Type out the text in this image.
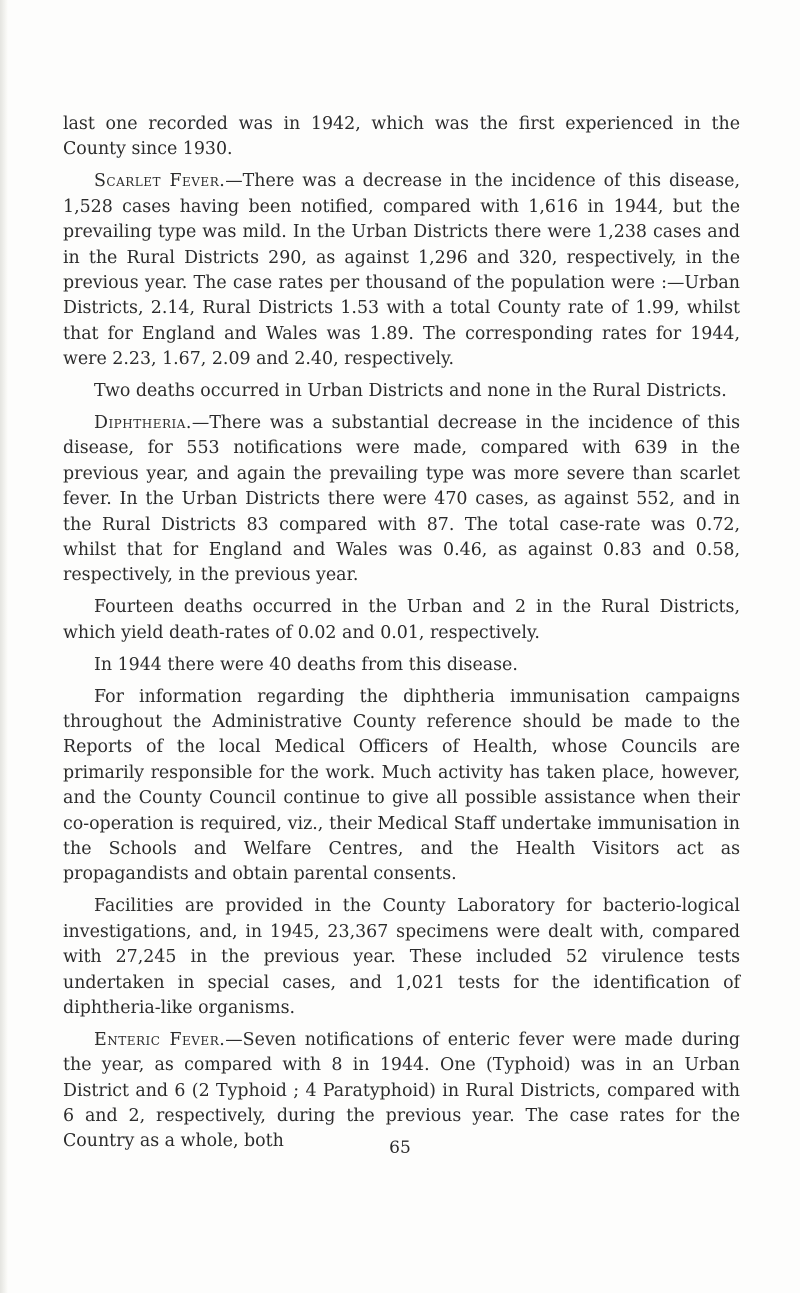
last one recorded was in 1942, which was the first experienced in the County since 1930.

Scarlet Fever.—There was a decrease in the incidence of this disease, 1,528 cases having been notified, compared with 1,616 in 1944, but the prevailing type was mild. In the Urban Districts there were 1,238 cases and in the Rural Districts 290, as against 1,296 and 320, respectively, in the previous year. The case rates per thousand of the population were :—Urban Districts, 2.14, Rural Districts 1.53 with a total County rate of 1.99, whilst that for England and Wales was 1.89. The corresponding rates for 1944, were 2.23, 1.67, 2.09 and 2.40, respectively.

Two deaths occurred in Urban Districts and none in the Rural Districts.

Diphtheria.—There was a substantial decrease in the incidence of this disease, for 553 notifications were made, compared with 639 in the previous year, and again the prevailing type was more severe than scarlet fever. In the Urban Districts there were 470 cases, as against 552, and in the Rural Districts 83 compared with 87. The total case-rate was 0.72, whilst that for England and Wales was 0.46, as against 0.83 and 0.58, respectively, in the previous year.

Fourteen deaths occurred in the Urban and 2 in the Rural Districts, which yield death-rates of 0.02 and 0.01, respectively.

In 1944 there were 40 deaths from this disease.

For information regarding the diphtheria immunisation campaigns throughout the Administrative County reference should be made to the Reports of the local Medical Officers of Health, whose Councils are primarily responsible for the work. Much activity has taken place, however, and the County Council continue to give all possible assistance when their co-operation is required, viz., their Medical Staff undertake immunisation in the Schools and Welfare Centres, and the Health Visitors act as propagandists and obtain parental consents.

Facilities are provided in the County Laboratory for bacterio-logical investigations, and, in 1945, 23,367 specimens were dealt with, compared with 27,245 in the previous year. These included 52 virulence tests undertaken in special cases, and 1,021 tests for the identification of diphtheria-like organisms.

Enteric Fever.—Seven notifications of enteric fever were made during the year, as compared with 8 in 1944. One (Typhoid) was in an Urban District and 6 (2 Typhoid ; 4 Paratyphoid) in Rural Districts, compared with 6 and 2, respectively, during the previous year. The case rates for the Country as a whole, both	65
